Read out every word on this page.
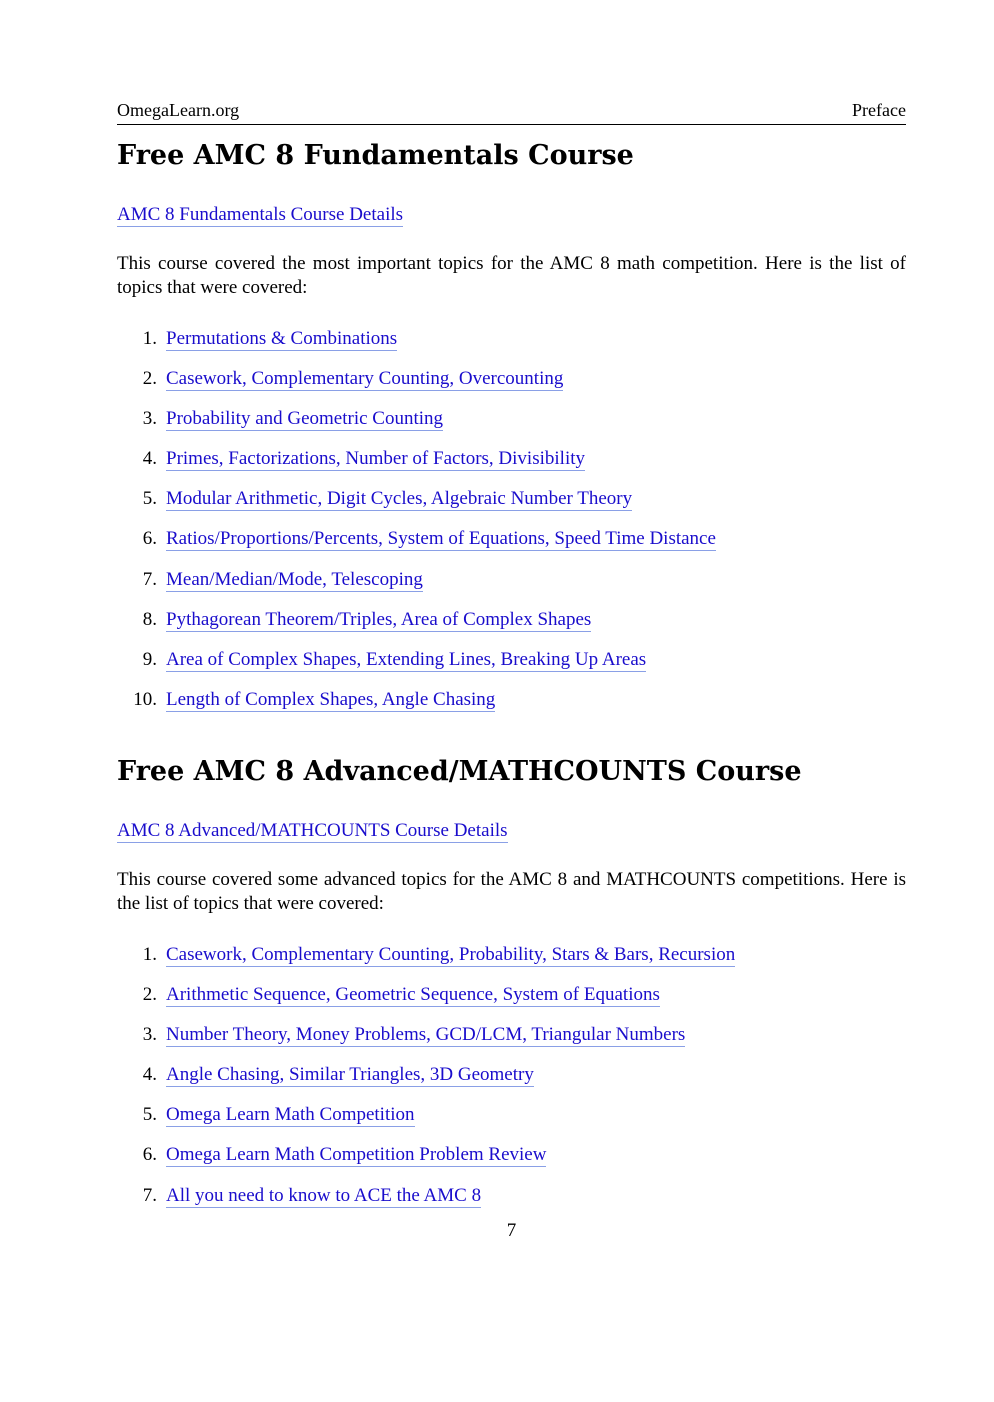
OmegaLearn.org	Preface
Free AMC 8 Fundamentals Course
AMC 8 Fundamentals Course Details

This course covered the most important topics for the AMC 8 math competition. Here is the list of topics that were covered:

1. Permutations & Combinations
2. Casework, Complementary Counting, Overcounting
3. Probability and Geometric Counting
4. Primes, Factorizations, Number of Factors, Divisibility
5. Modular Arithmetic, Digit Cycles, Algebraic Number Theory
6. Ratios/Proportions/Percents, System of Equations, Speed Time Distance
7. Mean/Median/Mode, Telescoping
8. Pythagorean Theorem/Triples, Area of Complex Shapes
9. Area of Complex Shapes, Extending Lines, Breaking Up Areas
10. Length of Complex Shapes, Angle Chasing
Free AMC 8 Advanced/MATHCOUNTS Course
AMC 8 Advanced/MATHCOUNTS Course Details

This course covered some advanced topics for the AMC 8 and MATHCOUNTS competitions. Here is the list of topics that were covered:

1. Casework, Complementary Counting, Probability, Stars & Bars, Recursion
2. Arithmetic Sequence, Geometric Sequence, System of Equations
3. Number Theory, Money Problems, GCD/LCM, Triangular Numbers
4. Angle Chasing, Similar Triangles, 3D Geometry
5. Omega Learn Math Competition
6. Omega Learn Math Competition Problem Review
7. All you need to know to ACE the AMC 8
7
